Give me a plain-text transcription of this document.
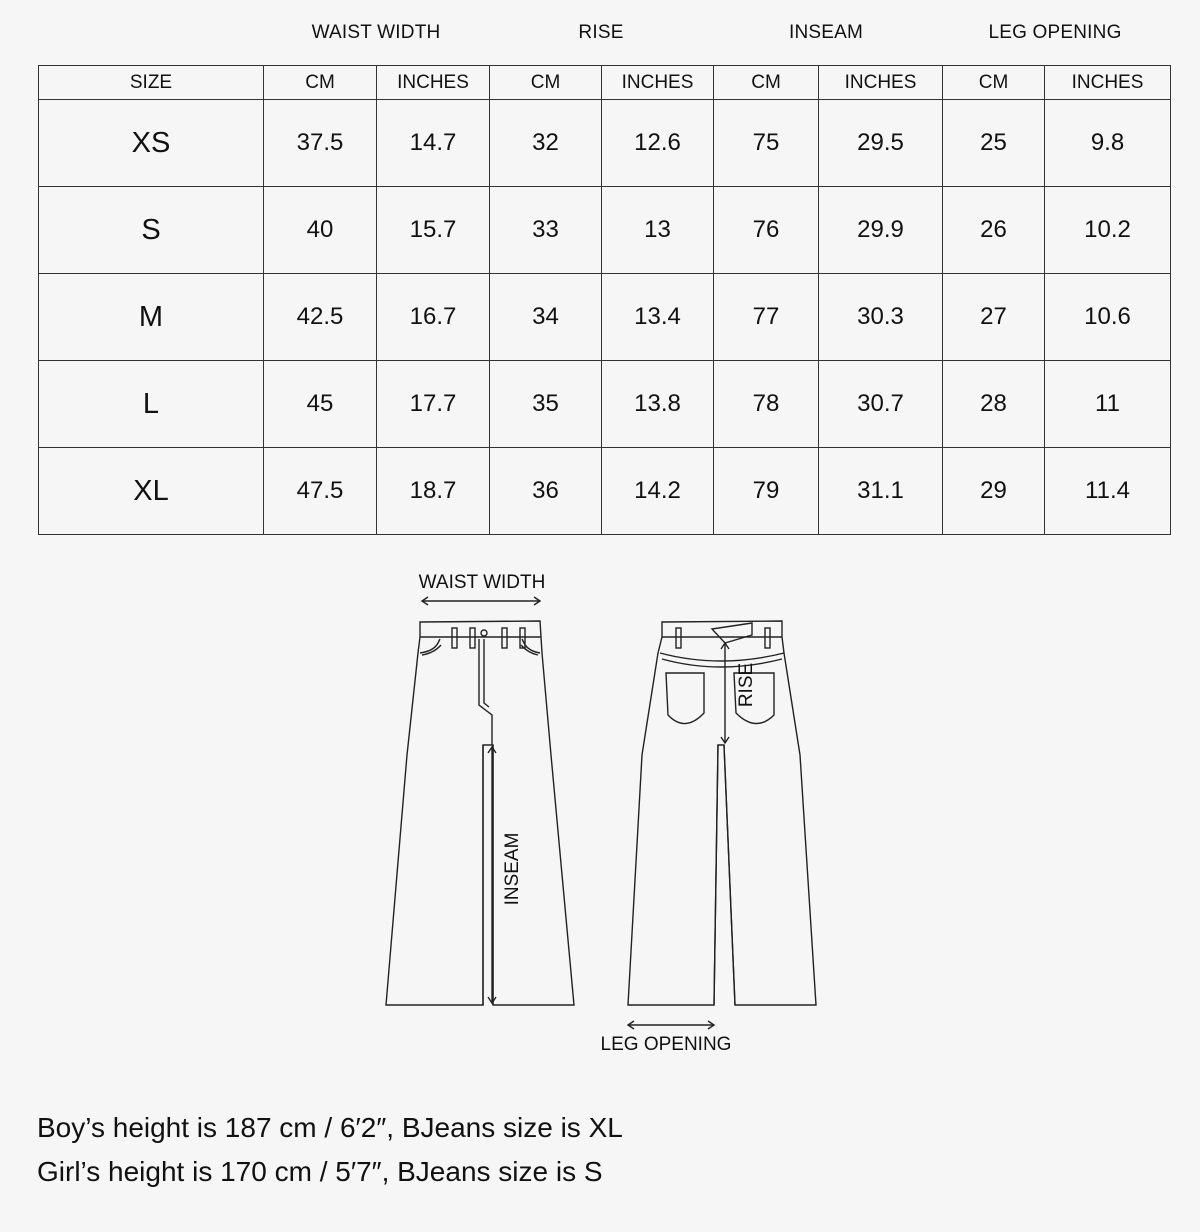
WAIST WIDTH	RISE	INSEAM	LEG OPENING
SIZE	CM	INCHES	CM	INCHES	CM	INCHES	CM	INCHES
XS	37.5	14.7	32	12.6	75	29.5	25	9.8
S	40	15.7	33	13	76	29.9	26	10.2
M	42.5	16.7	34	13.4	77	30.3	27	10.6
L	45	17.7	35	13.8	78	30.7	28	11
XL	47.5	18.7	36	14.2	79	31.1	29	11.4
WAIST WIDTH
INSEAM
RISE
LEG OPENING
Boy’s height is 187 cm / 6′2″, BJeans size is XL
Girl’s height is 170 cm / 5′7″, BJeans size is S
